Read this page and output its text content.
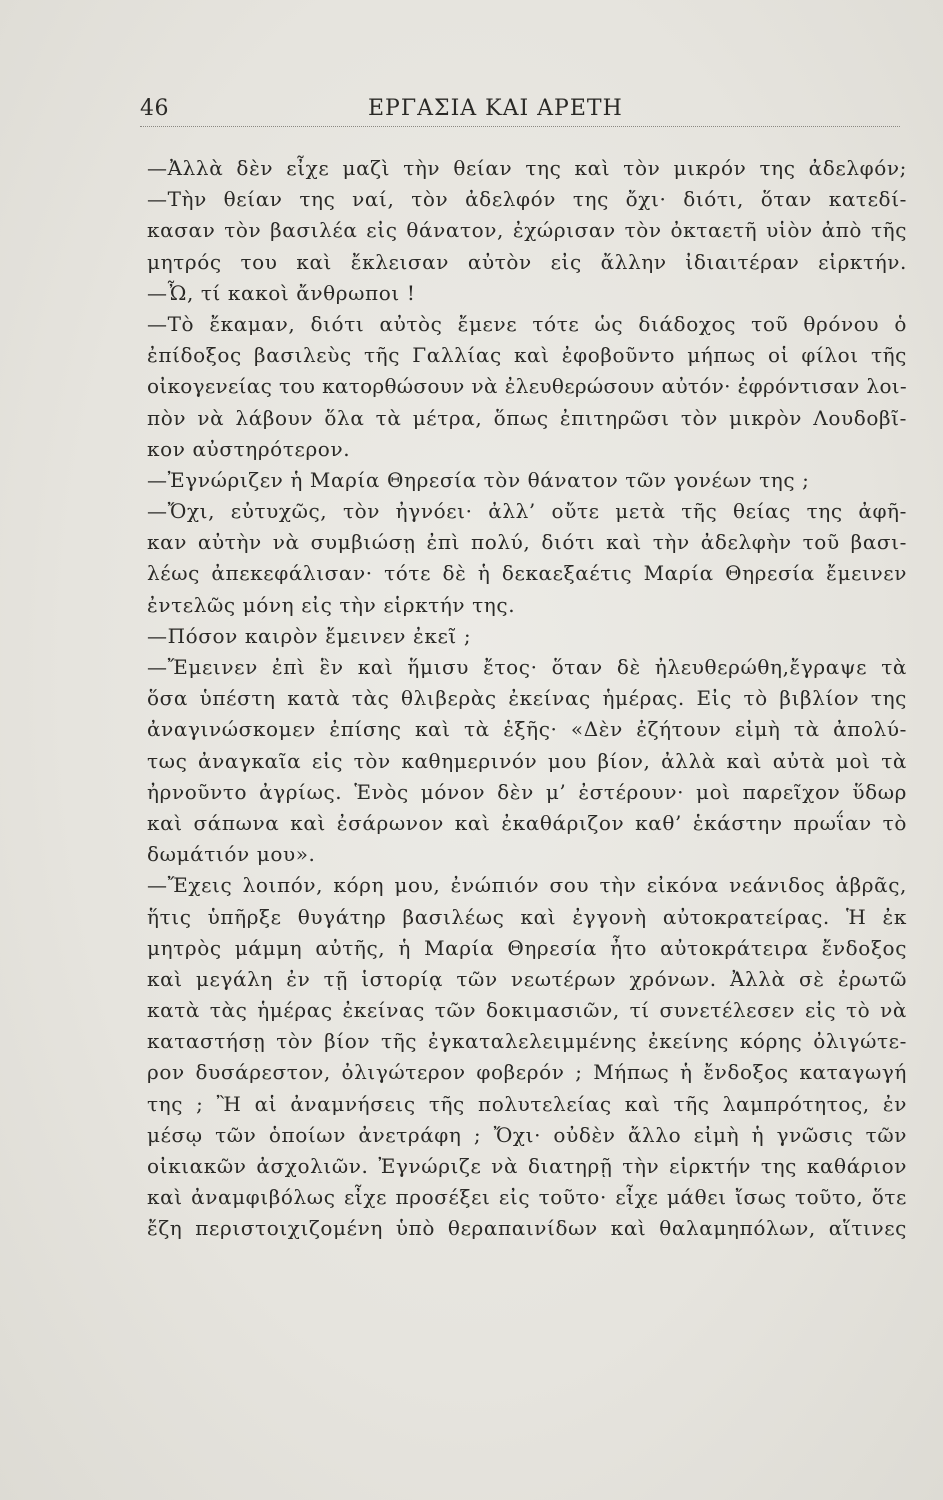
46	ΕΡΓΑΣΙΑ ΚΑΙ ΑΡΕΤΗ
—Ἀλλὰ δὲν εἶχε μαζὶ τὴν θείαν της καὶ τὸν μικρόν της ἀδελφόν;
—Τὴν θείαν της ναί, τὸν ἀδελφόν της ὄχι· διότι, ὅταν κατεδί-
κασαν τὸν βασιλέα εἰς θάνατον, ἐχώρισαν τὸν ὀκταετῆ υἱὸν ἀπὸ τῆς
μητρός του καὶ ἔκλεισαν αὐτὸν εἰς ἄλλην ἰδιαιτέραν εἱρκτήν.
—Ὦ, τί κακοὶ ἄνθρωποι !
—Τὸ ἔκαμαν, διότι αὐτὸς ἔμενε τότε ὡς διάδοχος τοῦ θρόνου ὁ
ἐπίδοξος βασιλεὺς τῆς Γαλλίας καὶ ἐφοβοῦντο μήπως οἱ φίλοι τῆς
οἰκογενείας του κατορθώσουν νὰ ἐλευθερώσουν αὐτόν· ἐφρόντισαν λοι-
πὸν νὰ λάβουν ὅλα τὰ μέτρα, ὅπως ἐπιτηρῶσι τὸν μικρὸν Λουδοβῖ-
κον αὐστηρότερον.
—Ἐγνώριζεν ἡ Μαρία Θηρεσία τὸν θάνατον τῶν γονέων της ;
—Ὄχι, εὐτυχῶς, τὸν ἠγνόει· ἀλλ’ οὔτε μετὰ τῆς θείας της ἀφῆ-
καν αὐτὴν νὰ συμβιώσῃ ἐπὶ πολύ, διότι καὶ τὴν ἀδελφὴν τοῦ βασι-
λέως ἀπεκεφάλισαν· τότε δὲ ἡ δεκαεξαέτις Μαρία Θηρεσία ἔμεινεν
ἐντελῶς μόνη εἰς τὴν εἱρκτήν της.
—Πόσον καιρὸν ἔμεινεν ἐκεῖ ;
—Ἔμεινεν ἐπὶ ἓν καὶ ἥμισυ ἔτος· ὅταν δὲ ἠλευθερώθη,ἔγραψε τὰ
ὅσα ὑπέστη κατὰ τὰς θλιβερὰς ἐκείνας ἡμέρας. Εἰς τὸ βιβλίον της
ἀναγινώσκομεν ἐπίσης καὶ τὰ ἑξῆς· «Δὲν ἐζήτουν εἰμὴ τὰ ἀπολύ-
τως ἀναγκαῖα εἰς τὸν καθημερινόν μου βίον, ἀλλὰ καὶ αὐτὰ μοὶ τὰ
ἠρνοῦντο ἀγρίως. Ἑνὸς μόνον δὲν μ’ ἐστέρουν· μοὶ παρεῖχον ὕδωρ
καὶ σάπωνα καὶ ἐσάρωνον καὶ ἐκαθάριζον καθ’ ἑκάστην πρωΐαν τὸ
δωμάτιόν μου».
—Ἔχεις λοιπόν, κόρη μου, ἐνώπιόν σου τὴν εἰκόνα νεάνιδος ἁβρᾶς,
ἥτις ὑπῆρξε θυγάτηρ βασιλέως καὶ ἐγγονὴ αὐτοκρατείρας. Ἡ ἐκ
μητρὸς μάμμη αὐτῆς, ἡ Μαρία Θηρεσία ἦτο αὐτοκράτειρα ἔνδοξος
καὶ μεγάλη ἐν τῇ ἱστορίᾳ τῶν νεωτέρων χρόνων. Ἀλλὰ σὲ ἐρωτῶ
κατὰ τὰς ἡμέρας ἐκείνας τῶν δοκιμασιῶν, τί συνετέλεσεν εἰς τὸ νὰ
καταστήσῃ τὸν βίον τῆς ἐγκαταλελειμμένης ἐκείνης κόρης ὀλιγώτε-
ρον δυσάρεστον, ὀλιγώτερον φοβερόν ; Μήπως ἡ ἔνδοξος καταγωγή
της ; Ἢ αἱ ἀναμνήσεις τῆς πολυτελείας καὶ τῆς λαμπρότητος, ἐν
μέσῳ τῶν ὁποίων ἀνετράφη ; Ὄχι· οὐδὲν ἄλλο εἰμὴ ἡ γνῶσις τῶν
οἰκιακῶν ἀσχολιῶν. Ἐγνώριζε νὰ διατηρῇ τὴν εἱρκτήν της καθάριον
καὶ ἀναμφιβόλως εἶχε προσέξει εἰς τοῦτο· εἶχε μάθει ἴσως τοῦτο, ὅτε
ἔζη περιστοιχιζομένη ὑπὸ θεραπαινίδων καὶ θαλαμηπόλων, αἵτινες
